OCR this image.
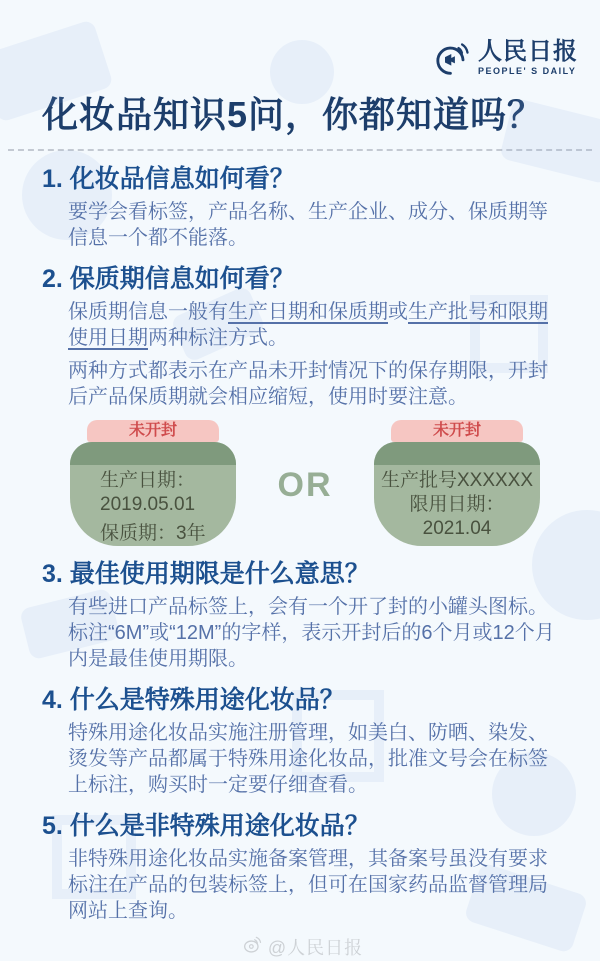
人民日报
PEOPLE' S DAILY
化妆品知识5问，你都知道吗？
1. 化妆品信息如何看？
要学会看标签，产品名称、生产企业、成分、保质期等信息一个都不能落。
2. 保质期信息如何看？
保质期信息一般有生产日期和保质期或生产批号和限期使用日期两种标注方式。
两种方式都表示在产品未开封情况下的保存期限，开封后产品保质期就会相应缩短，使用时要注意。
未开封
生产日期：
2019.05.01
保质期：3年
OR
未开封
生产批号XXXXXX
限用日期：
2021.04
3. 最佳使用期限是什么意思？
有些进口产品标签上，会有一个开了封的小罐头图标。标注“6M”或“12M”的字样，表示开封后的6个月或12个月内是最佳使用期限。
4. 什么是特殊用途化妆品？
特殊用途化妆品实施注册管理，如美白、防晒、染发、烫发等产品都属于特殊用途化妆品，批准文号会在标签上标注，购买时一定要仔细查看。
5. 什么是非特殊用途化妆品？
非特殊用途化妆品实施备案管理，其备案号虽没有要求标注在产品的包装标签上，但可在国家药品监督管理局网站上查询。
@人民日报
